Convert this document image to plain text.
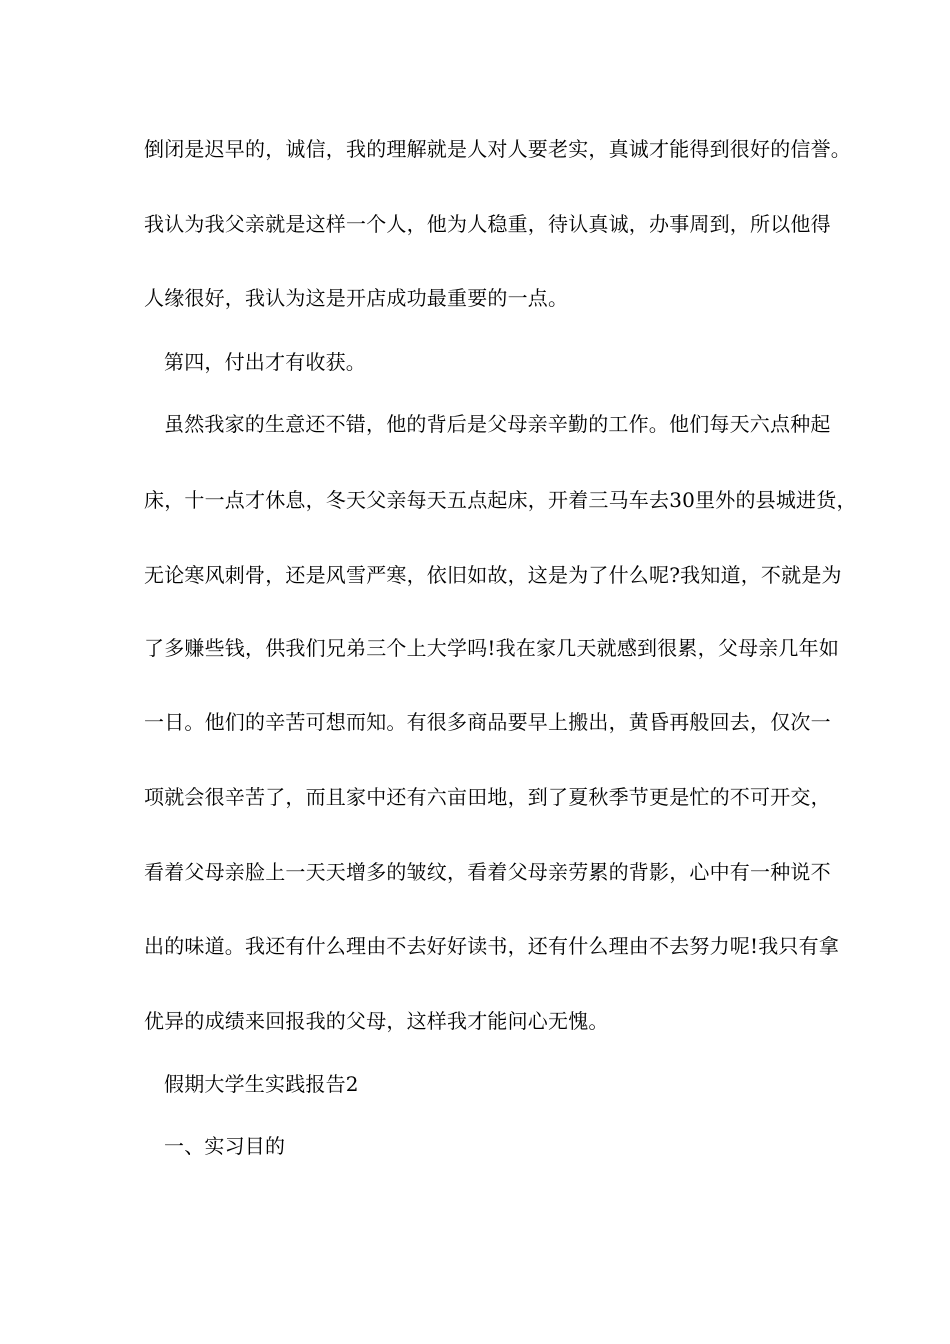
倒闭是迟早的，诚信，我的理解就是人对人要老实，真诚才能得到很好的信誉。
我认为我父亲就是这样一个人，他为人稳重，待认真诚，办事周到，所以他得
人缘很好，我认为这是开店成功最重要的一点。
第四，付出才有收获。
虽然我家的生意还不错，他的背后是父母亲辛勤的工作。他们每天六点种起
床，十一点才休息，冬天父亲每天五点起床，开着三马车去30里外的县城进货，
无论寒风刺骨，还是风雪严寒，依旧如故，这是为了什么呢?我知道，不就是为
了多赚些钱，供我们兄弟三个上大学吗!我在家几天就感到很累，父母亲几年如
一日。他们的辛苦可想而知。有很多商品要早上搬出，黄昏再般回去，仅次一
项就会很辛苦了，而且家中还有六亩田地，到了夏秋季节更是忙的不可开交，
看着父母亲脸上一天天增多的皱纹，看着父母亲劳累的背影，心中有一种说不
出的味道。我还有什么理由不去好好读书，还有什么理由不去努力呢!我只有拿
优异的成绩来回报我的父母，这样我才能问心无愧。
假期大学生实践报告2
一、实习目的
